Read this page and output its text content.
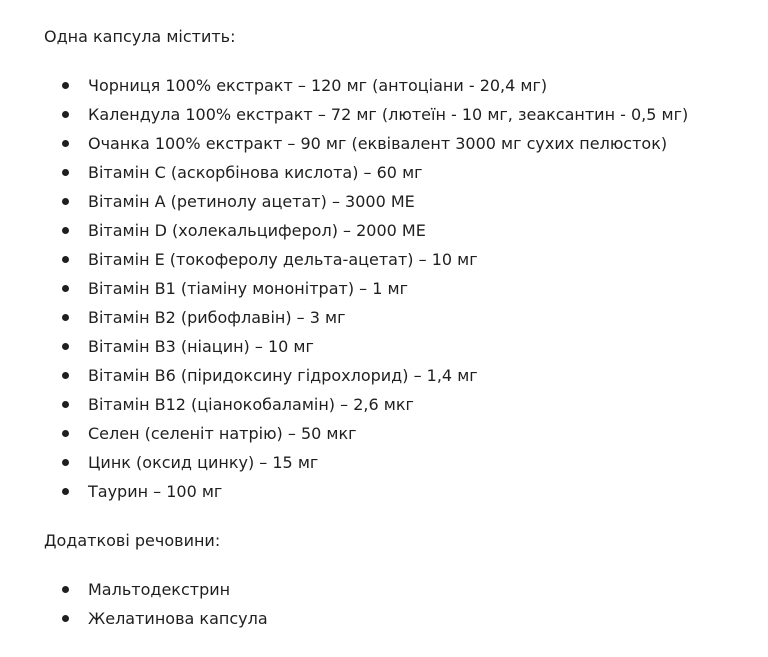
Одна капсула містить:

Чорниця 100% екстракт – 120 мг (антоціани - 20,4 мг)
Календула 100% екстракт – 72 мг (лютеїн - 10 мг, зеаксантин - 0,5 мг)
Очанка 100% екстракт – 90 мг (еквівалент 3000 мг сухих пелюсток)
Вітамін C (аскорбінова кислота) – 60 мг
Вітамін A (ретинолу ацетат) – 3000 МЕ
Вітамін D (холекальциферол) – 2000 МЕ
Вітамін E (токоферолу дельта-ацетат) – 10 мг
Вітамін B1 (тіаміну мононітрат) – 1 мг
Вітамін B2 (рибофлавін) – 3 мг
Вітамін B3 (ніацин) – 10 мг
Вітамін B6 (піридоксину гідрохлорид) – 1,4 мг
Вітамін B12 (ціанокобаламін) – 2,6 мкг
Селен (селеніт натрію) – 50 мкг
Цинк (оксид цинку) – 15 мг
Таурин – 100 мг

Додаткові речовини:

Мальтодекстрин
Желатинова капсула
